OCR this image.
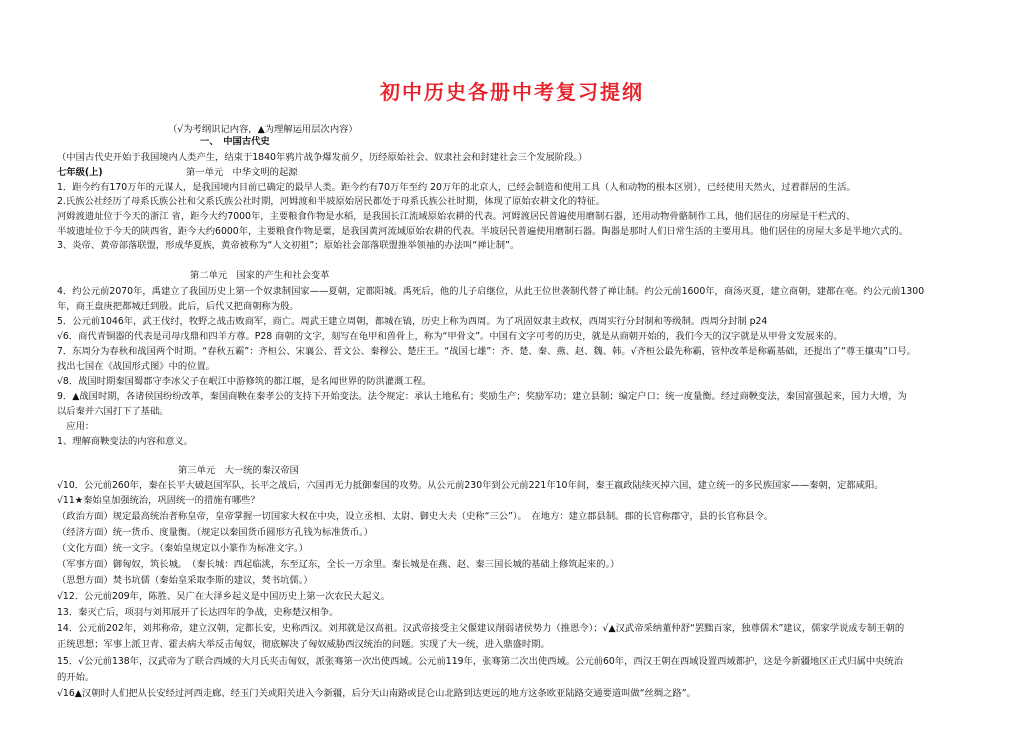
初中历史各册中考复习提纲
（√为考纲识记内容，▲为理解运用层次内容）
一、　中国古代史
（中国古代史开始于我国境内人类产生，结束于1840年鸦片战争爆发前夕，历经原始社会、奴隶社会和封建社会三个发展阶段。）
七年级(上)	第一单元　中华文明的起源
1．距今约有170万年的元谋人，是我国境内目前已确定的最早人类。距今约有70万年至约 20万年的北京人，已经会制造和使用工具（人和动物的根本区别），已经使用天然火，过着群居的生活。
2.氏族公社经历了母系氏族公社和父系氏族公社时期，河姆渡和半坡原始居民都处于母系氏族公社时期，体现了原始农耕文化的特征。
河姆渡遗址位于今天的浙江 省，距今大约7000年，主要粮食作物是水稻，是我国长江流域原始农耕的代表。河姆渡居民普遍使用磨制石器，还用动物骨骼制作工具，他们居住的房屋是干栏式的、
半坡遗址位于今天的陕西省，距今大约6000年，主要粮食作物是粟，是我国黄河流域原始农耕的代表。半坡居民普遍使用磨制石器。陶器是那时人们日常生活的主要用具。他们居住的房屋大多是半地穴式的。
3、炎帝、黄帝部落联盟，形成华夏族，黄帝被称为“人文初祖”；原始社会部落联盟推举领袖的办法叫“禅让制”。
第二单元　国家的产生和社会变革
4．约公元前2070年，禹建立了我国历史上第一个奴隶制国家——夏朝，定都阳城。禹死后，他的儿子启继位，从此王位世袭制代替了禅让制。约公元前1600年，商汤灭夏，建立商朝，建都在亳。约公元前1300
年，商王盘庚把都城迁到殷。此后，后代又把商朝称为殷。
5．公元前1046年，武王伐纣，牧野之战击败商军，商亡。周武王建立周朝，都城在镐，历史上称为西周。为了巩固奴隶主政权，西周实行分封制和等级制。西周分封制 p24
√6．商代青铜器的代表是司母戊鼎和四羊方尊。P28 商朝的文字，刻写在龟甲和兽骨上，称为“甲骨文”。中国有文字可考的历史，就是从商朝开始的，我们今天的汉字就是从甲骨文发展来的。
7．东周分为春秋和战国两个时期。“春秋五霸”：齐桓公、宋襄公、晋文公、秦穆公、楚庄王。“战国七雄”：齐、楚、秦、燕、赵、魏、韩。√齐桓公最先称霸，管仲改革是称霸基础，还提出了“尊王攘夷”口号。
找出七国在《战国形式图》中的位置。
√8．战国时期秦国蜀郡守李冰父子在岷江中游修筑的都江堰，是名闻世界的防洪灌溉工程。
9．▲战国时期，各诸侯国纷纷改革，秦国商鞅在秦孝公的支持下开始变法。法令规定：承认土地私有；奖励生产；奖励军功；建立县制；编定户口；统一度量衡。经过商鞅变法，秦国富强起来，国力大增，为
以后秦并六国打下了基础。
　应用：
1、理解商鞅变法的内容和意义。
第三单元　大一统的秦汉帝国
√10．公元前260年，秦在长平大破赵国军队，长平之战后，六国再无力抵御秦国的攻势。从公元前230年到公元前221年10年间，秦王嬴政陆续灭掉六国，建立统一的多民族国家——秦朝，定都咸阳。
√11★秦始皇加强统治，巩固统一的措施有哪些？
（政治方面）规定最高统治者称皇帝，皇帝掌握一切国家大权在中央，设立丞相、太尉、御史大夫（史称“三公”）。　在地方：建立郡县制。郡的长官称郡守，县的长官称县令。
（经济方面）统一货币、度量衡。（规定以秦国货币圆形方孔钱为标准货币。）
（文化方面）统一文字。（秦始皇规定以小篆作为标准文字。）
（军事方面）御匈奴，筑长城。　（秦长城：西起临洮，东至辽东，全长一万余里。秦长城是在燕、赵、秦三国长城的基础上修筑起来的。）
（思想方面）焚书坑儒（秦始皇采取李斯的建议，焚书坑儒。）
√12．公元前209年，陈胜、吴广在大泽乡起义是中国历史上第一次农民大起义。
13．秦灭亡后，项羽与刘邦展开了长达四年的争战，史称楚汉相争。
14．公元前202年，刘邦称帝，建立汉朝，定都长安，史称西汉。刘邦就是汉高祖。汉武帝接受主父偃建议削弱诸侯势力（推恩令）；√▲汉武帝采纳董仲舒“罢黜百家，独尊儒术”建议，儒家学说成专制王朝的
正统思想；军事上派卫青、霍去病大举反击匈奴，彻底解决了匈奴威胁西汉统治的问题。实现了大一统，进入鼎盛时期。
15．√公元前138年，汉武帝为了联合西域的大月氏夹击匈奴，派张骞第一次出使西域。公元前119年，张骞第二次出使西域。公元前60年，西汉王朝在西域设置西域都护，这是今新疆地区正式归属中央统治
的开始。
√16▲汉朝时人们把从长安经过河西走廊、经玉门关或阳关进入今新疆，后分天山南路或昆仑山北路到达更远的地方这条欧亚陆路交通要道叫做“丝绸之路”。
